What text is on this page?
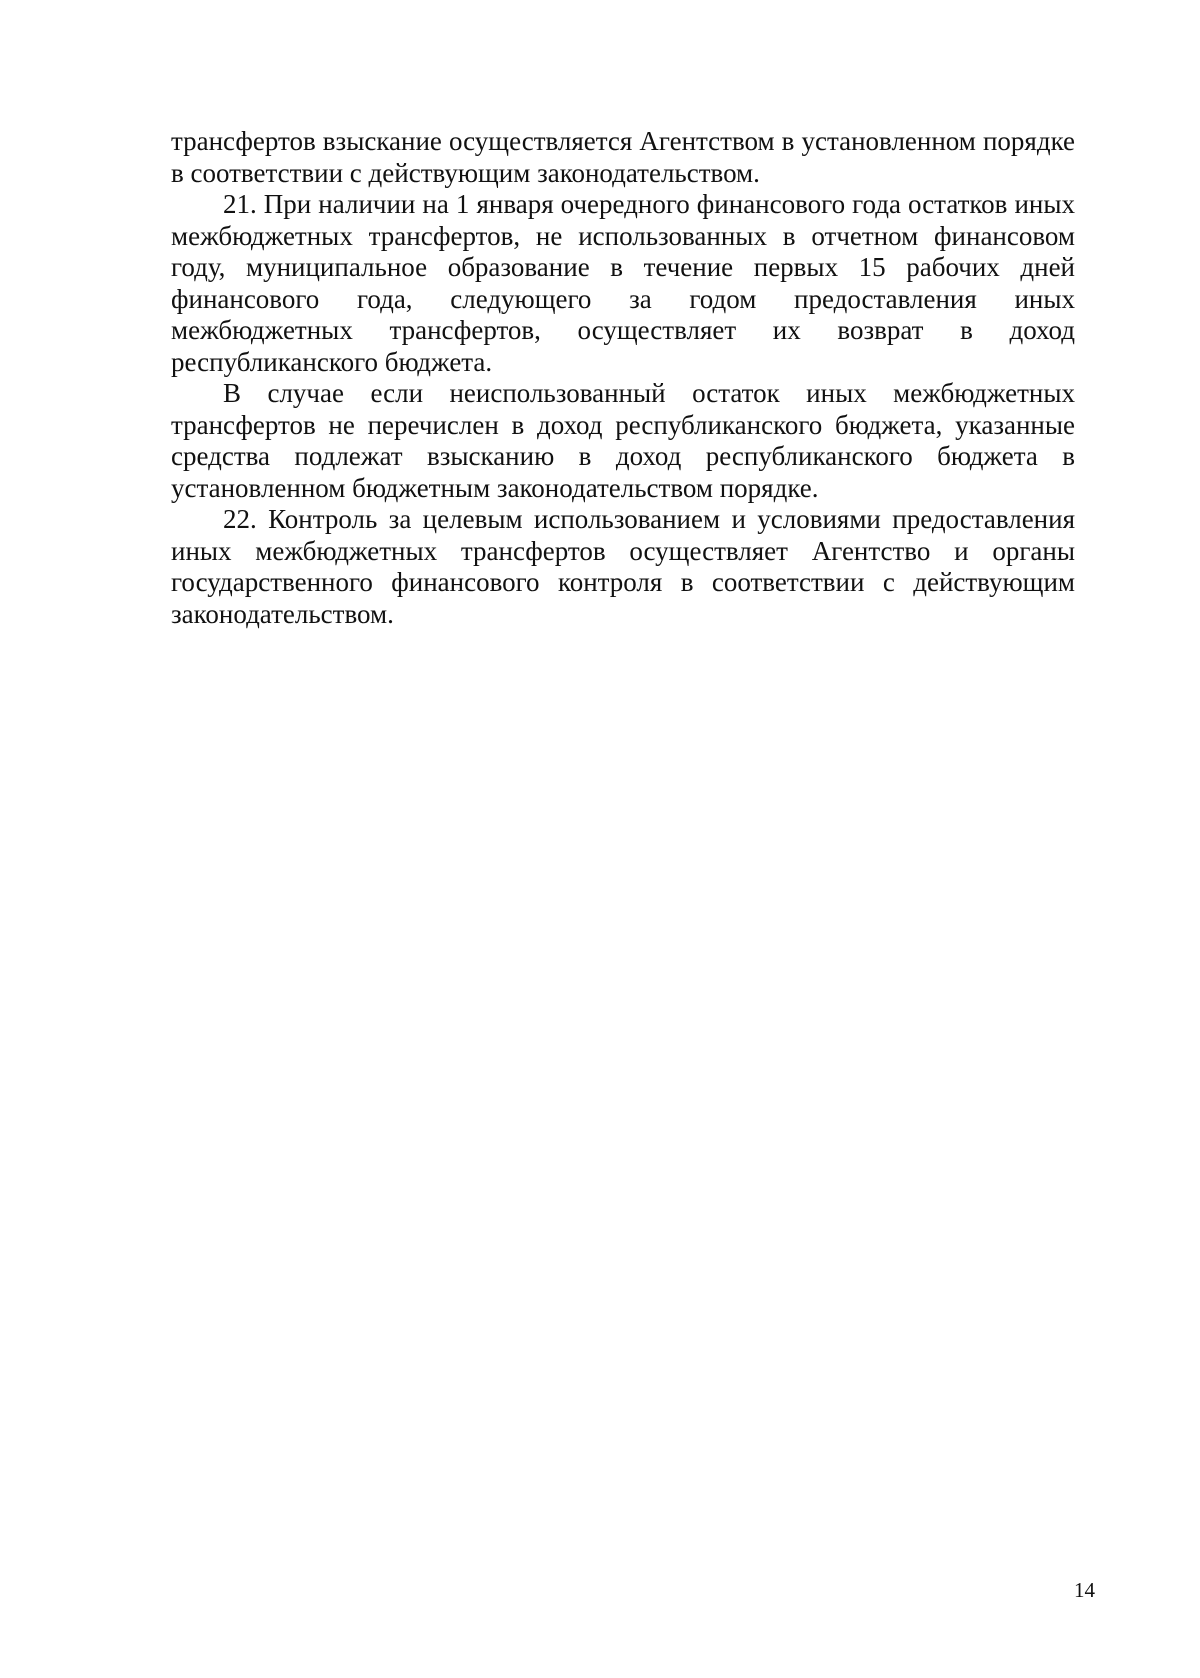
трансфертов взыскание осуществляется Агентством в установленном порядке в соответствии с действующим законодательством.

21. При наличии на 1 января очередного финансового года остатков иных межбюджетных трансфертов, не использованных в отчетном финансовом году, муниципальное образование в течение первых 15 рабочих дней финансового года, следующего за годом предоставления иных межбюджетных трансфертов, осуществляет их возврат в доход республиканского бюджета.

В случае если неиспользованный остаток иных межбюджетных трансфертов не перечислен в доход республиканского бюджета, указанные средства подлежат взысканию в доход республиканского бюджета в установленном бюджетным законодательством порядке.

22. Контроль за целевым использованием и условиями предоставления иных межбюджетных трансфертов осуществляет Агентство и органы государственного финансового контроля в соответствии с действующим законодательством.

14
